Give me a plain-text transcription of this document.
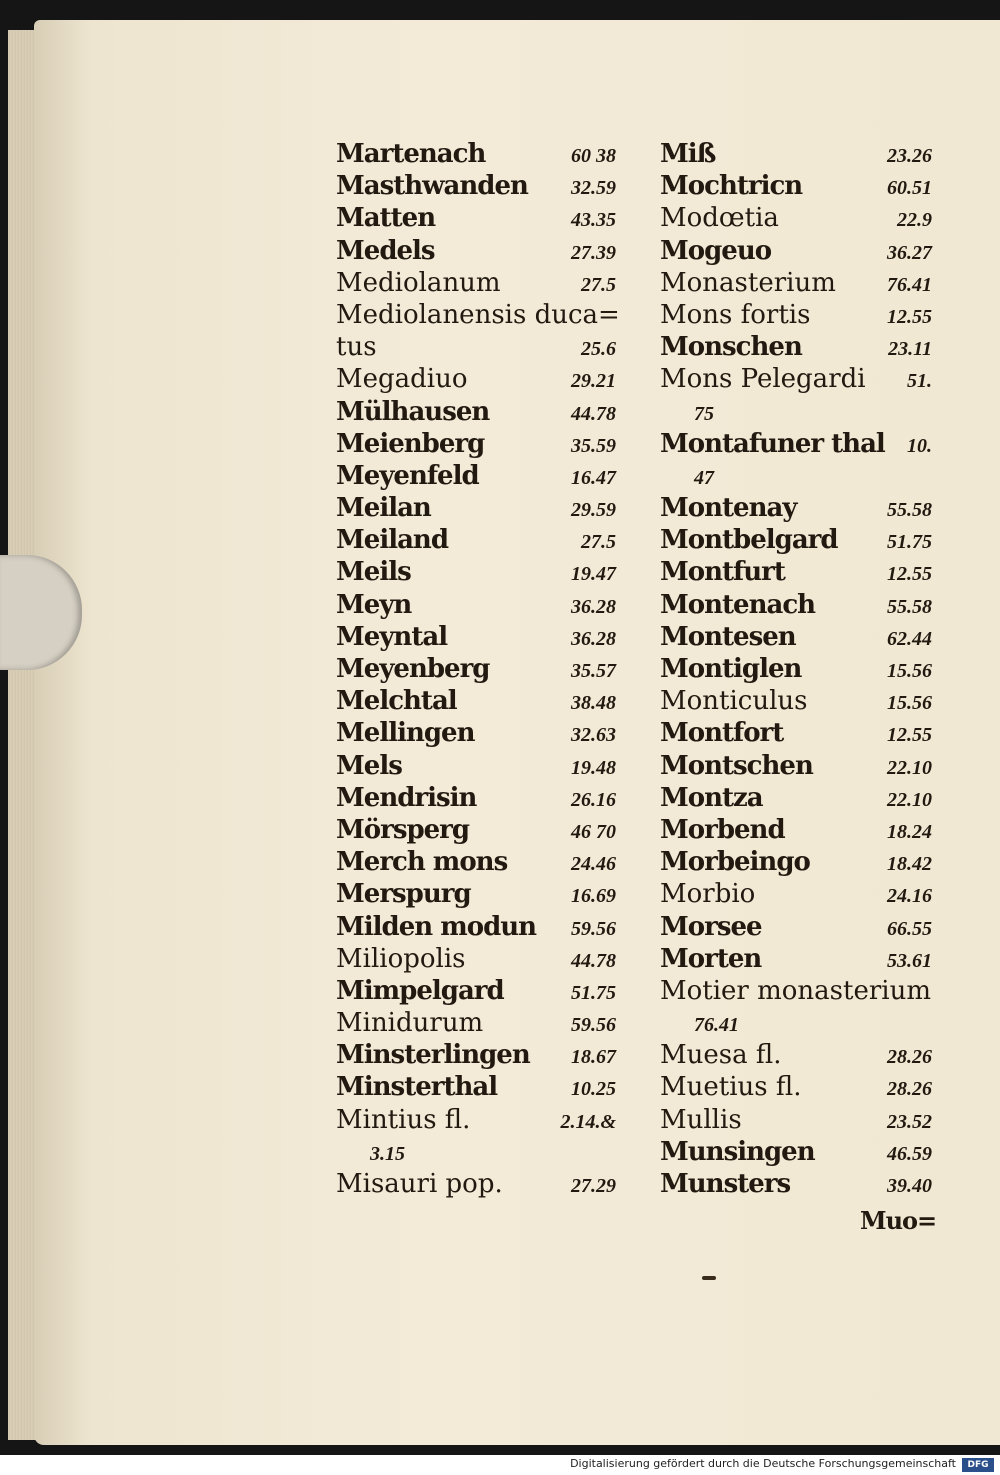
Martenach	60 38
Masthwanden 32.59
Matten	43.35
Medels	27.39
Mediolanum	27.5
Mediolanensis duca=
tus	25.6
Megadiuo	29.21
Mülhausen	44.78
Meienberg	35.59
Meyenfeld	16.47
Meilan	29.59
Meiland	27.5
Meils	19.47
Meyn	36.28
Meyntal	36.28
Meyenberg	35.57
Melchtal	38.48
Mellingen	32.63
Mels	19.48
Mendrisin	26.16
Mörsperg	46 70
Merch mons	24.46
Merspurg	16.69
Milden modun 59.56
Miliopolis	44.78
Mimpelgard	51.75
Minidurum	59.56
Minsterlingen 18.67
Minsterthal	10.25
Mintius fl.	2.14.&
3.15
Misauri pop.	27.29
Miß	23.26
Mochtricn	60.51
Modœtia	22.9
Mogeuo	36.27
Monasterium	76.41
Mons fortis	12.55
Monschen	23.11
Mons Pelegardi 51.
75
Montafuner thal 10.
47
Montenay	55.58
Montbelgard 51.75
Montfurt	12.55
Montenach	55.58
Montesen	62.44
Montiglen	15.56
Monticulus	15.56
Montfort	12.55
Montschen	22.10
Montza	22.10
Morbend	18.24
Morbeingo	18.42
Morbio	24.16
Morsee	66.55
Morten	53.61
Motier monasterium
76.41
Muesa fl.	28.26
Muetius fl.	28.26
Mullis	23.52
Munsingen	46.59
Munsters	39.40
Muo=
Digitalisierung gefördert durch die Deutsche Forschungsgemeinschaft	DFG
